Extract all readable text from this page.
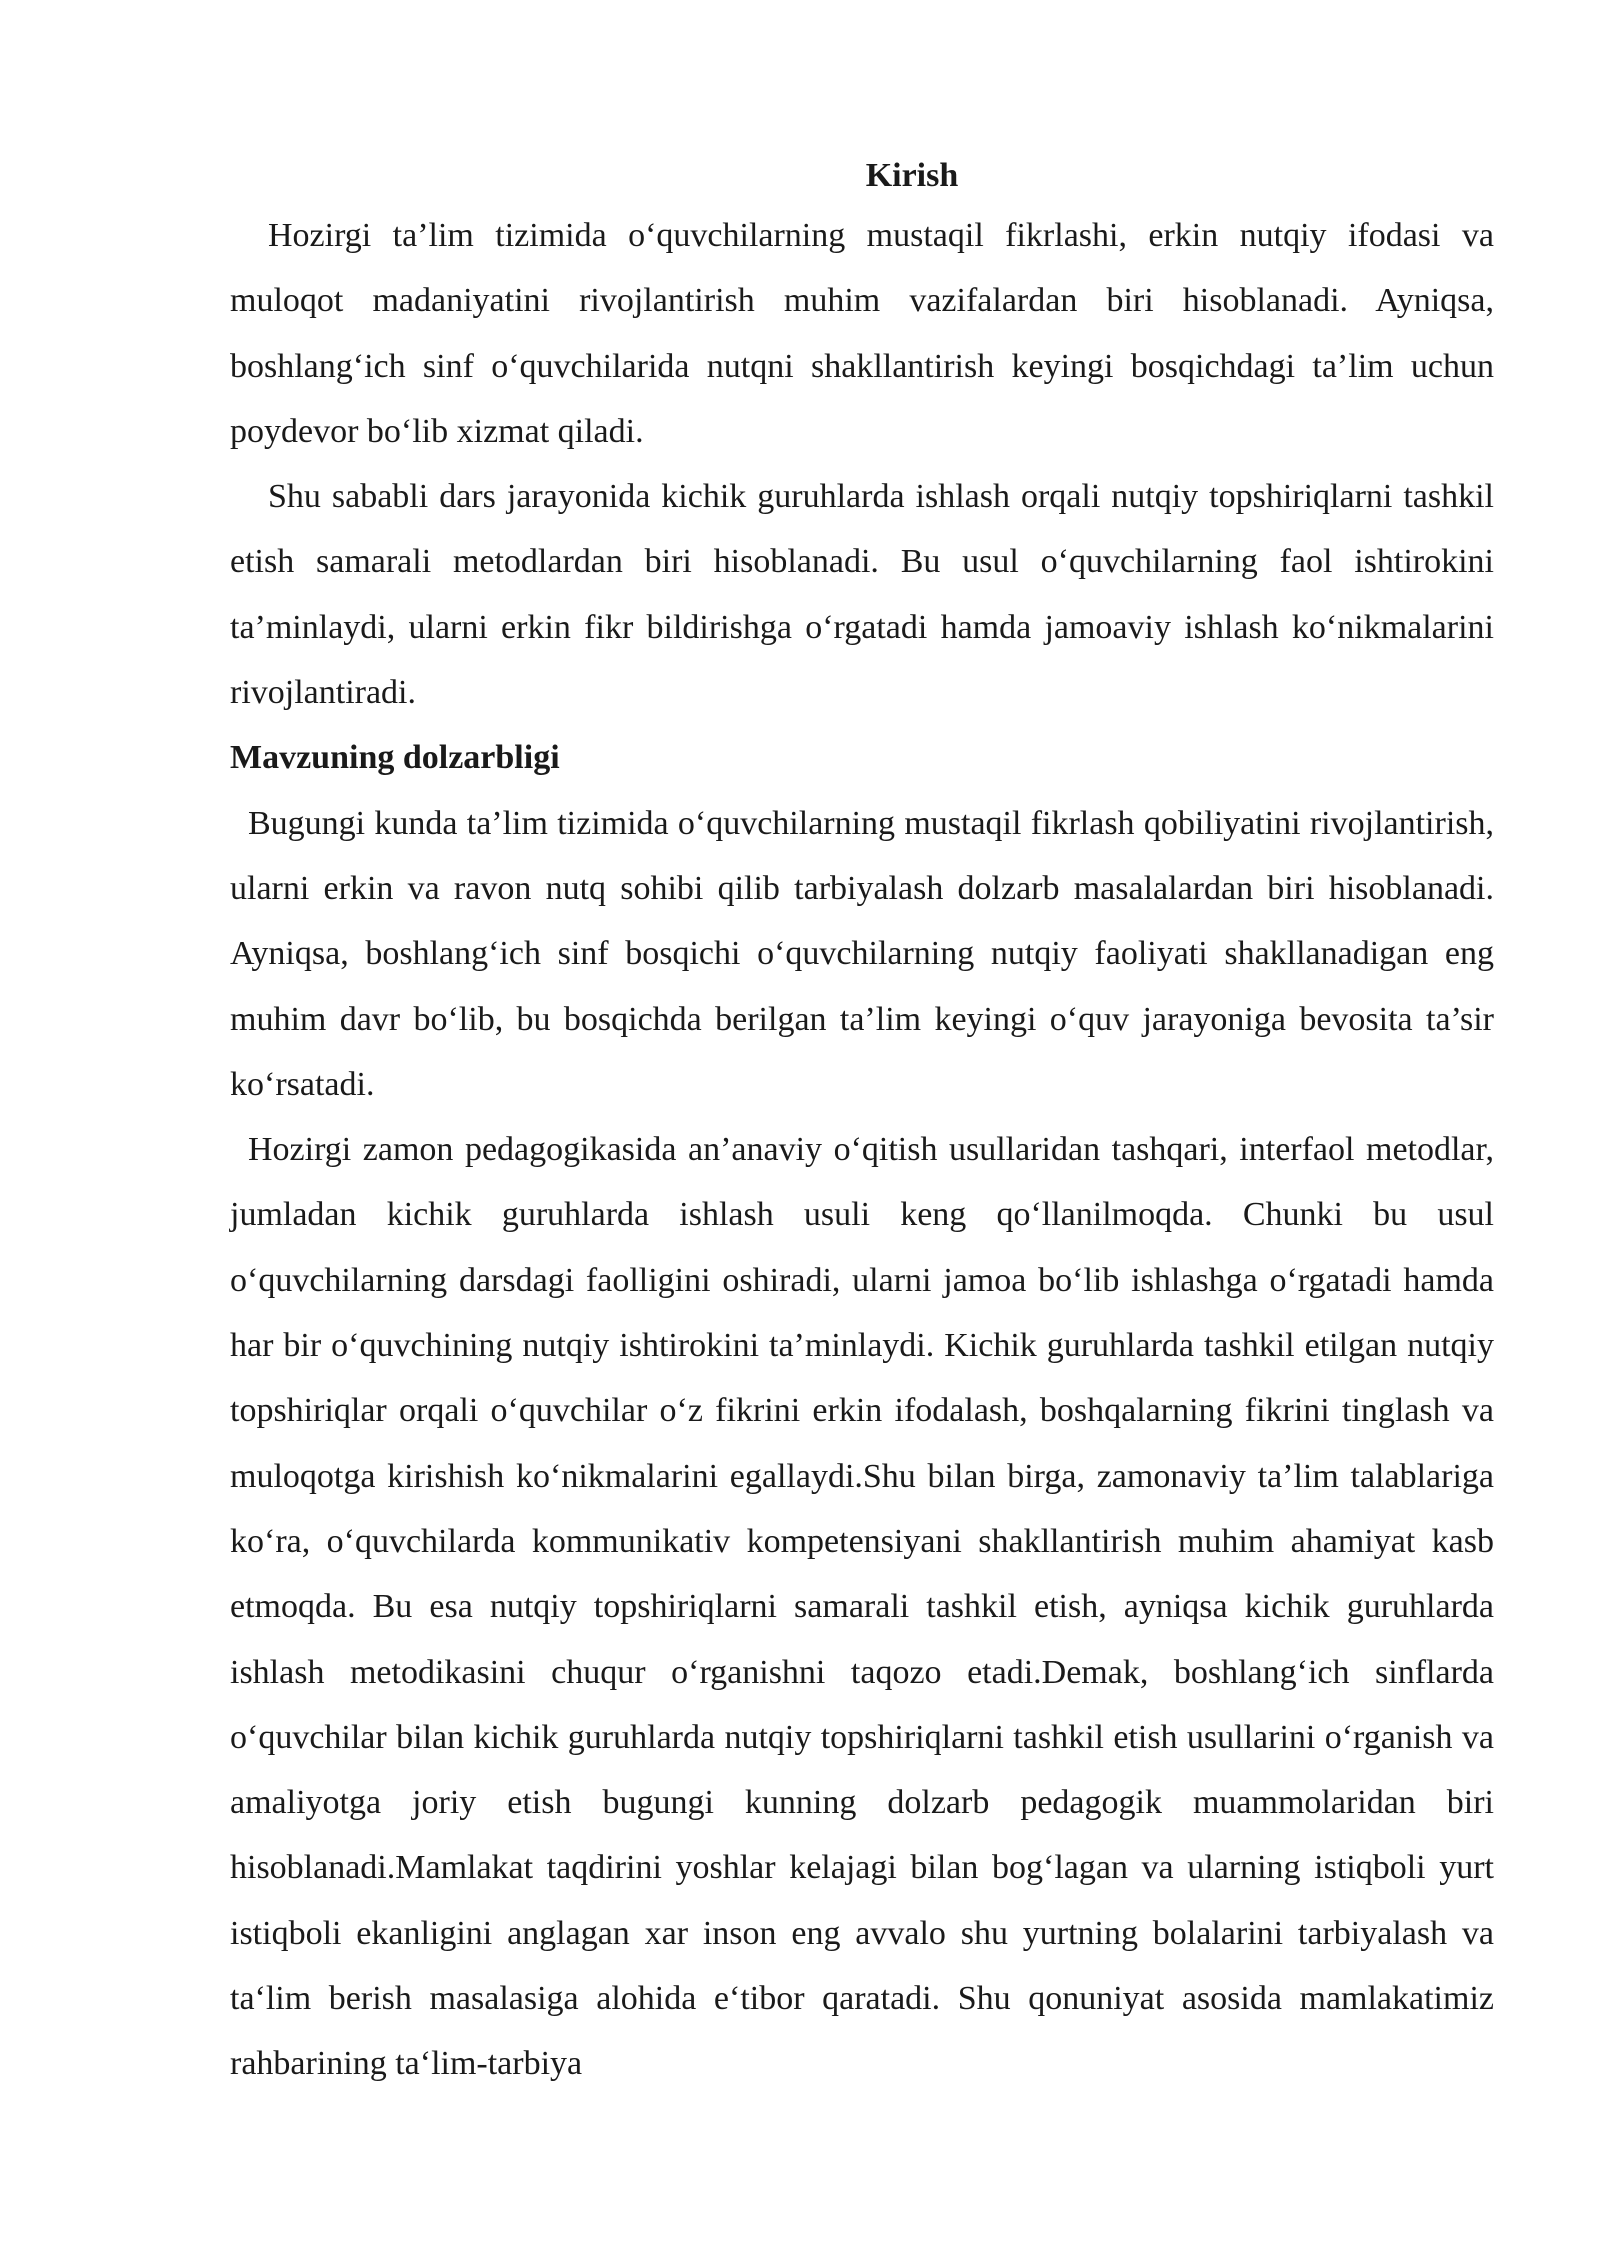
Kirish

Hozirgi ta’lim tizimida o‘quvchilarning mustaqil fikrlashi, erkin nutqiy ifodasi va muloqot madaniyatini rivojlantirish muhim vazifalardan biri hisoblanadi. Ayniqsa, boshlang‘ich sinf o‘quvchilarida nutqni shakllantirish keyingi bosqichdagi ta’lim uchun poydevor bo‘lib xizmat qiladi.

Shu sababli dars jarayonida kichik guruhlarda ishlash orqali nutqiy topshiriqlarni tashkil etish samarali metodlardan biri hisoblanadi. Bu usul o‘quvchilarning faol ishtirokini ta’minlaydi, ularni erkin fikr bildirishga o‘rgatadi hamda jamoaviy ishlash ko‘nikmalarini rivojlantiradi.

Mavzuning dolzarbligi

Bugungi kunda ta’lim tizimida o‘quvchilarning mustaqil fikrlash qobiliyatini rivojlantirish, ularni erkin va ravon nutq sohibi qilib tarbiyalash dolzarb masalalardan biri hisoblanadi. Ayniqsa, boshlang‘ich sinf bosqichi o‘quvchilarning nutqiy faoliyati shakllanadigan eng muhim davr bo‘lib, bu bosqichda berilgan ta’lim keyingi o‘quv jarayoniga bevosita ta’sir ko‘rsatadi.

Hozirgi zamon pedagogikasida an’anaviy o‘qitish usullaridan tashqari, interfaol metodlar, jumladan kichik guruhlarda ishlash usuli keng qo‘llanilmoqda. Chunki bu usul o‘quvchilarning darsdagi faolligini oshiradi, ularni jamoa bo‘lib ishlashga o‘rgatadi hamda har bir o‘quvchining nutqiy ishtirokini ta’minlaydi. Kichik guruhlarda tashkil etilgan nutqiy topshiriqlar orqali o‘quvchilar o‘z fikrini erkin ifodalash, boshqalarning fikrini tinglash va muloqotga kirishish ko‘nikmalarini egallaydi.Shu bilan birga, zamonaviy ta’lim talablariga ko‘ra, o‘quvchilarda kommunikativ kompetensiyani shakllantirish muhim ahamiyat kasb etmoqda. Bu esa nutqiy topshiriqlarni samarali tashkil etish, ayniqsa kichik guruhlarda ishlash metodikasini chuqur o‘rganishni taqozo etadi.Demak, boshlang‘ich sinflarda o‘quvchilar bilan kichik guruhlarda nutqiy topshiriqlarni tashkil etish usullarini o‘rganish va amaliyotga joriy etish bugungi kunning dolzarb pedagogik muammolaridan biri hisoblanadi.Mamlakat taqdirini yoshlar kelajagi bilan bog‘lagan va ularning istiqboli yurt istiqboli ekanligini anglagan xar inson eng avvalo shu yurtning bolalarini tarbiyalash va ta‘lim berish masalasiga alohida e‘tibor qaratadi. Shu qonuniyat asosida mamlakatimiz rahbarining ta‘lim-tarbiya
